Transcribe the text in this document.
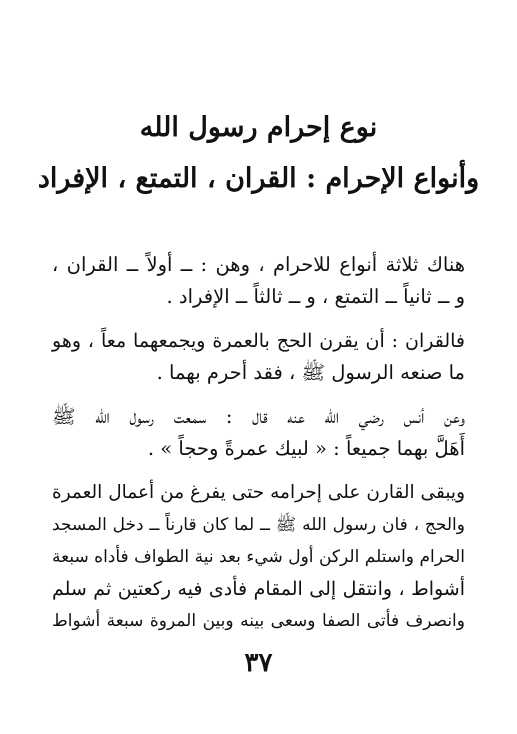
نوع إحرام رسول الله
وأنواع الإحرام : القران ، التمتع ، الإفراد
هناك ثلاثة أنواع للاحرام ، وهن : ــ أولاً ــ القران ،
و ــ ثانياً ــ التمتع ، و ــ ثالثاً ــ الإفراد .
فالقران : أن يقرن الحج بالعمرة ويجمعهما معاً ، وهو
ما صنعه الرسول ﷺ ، فقد أحرم بهما .
وعن أنس رضي الله عنه قال : سمعت رسول الله ﷺ
أَهَلَّ بهما جميعاً : « لبيك عمرةً وحجاً » .
ويبقى القارن على إحرامه حتى يفرغ من أعمال العمرة
والحج ، فان رسول الله ﷺ ــ لما كان قارناً ــ دخل المسجد
الحرام واستلم الركن أول شيء بعد نية الطواف فأداه سبعة
أشواط ، وانتقل إلى المقام فأدى فيه ركعتين ثم سلم
وانصرف فأتى الصفا وسعى بينه وبين المروة سبعة أشواط
٣٧
